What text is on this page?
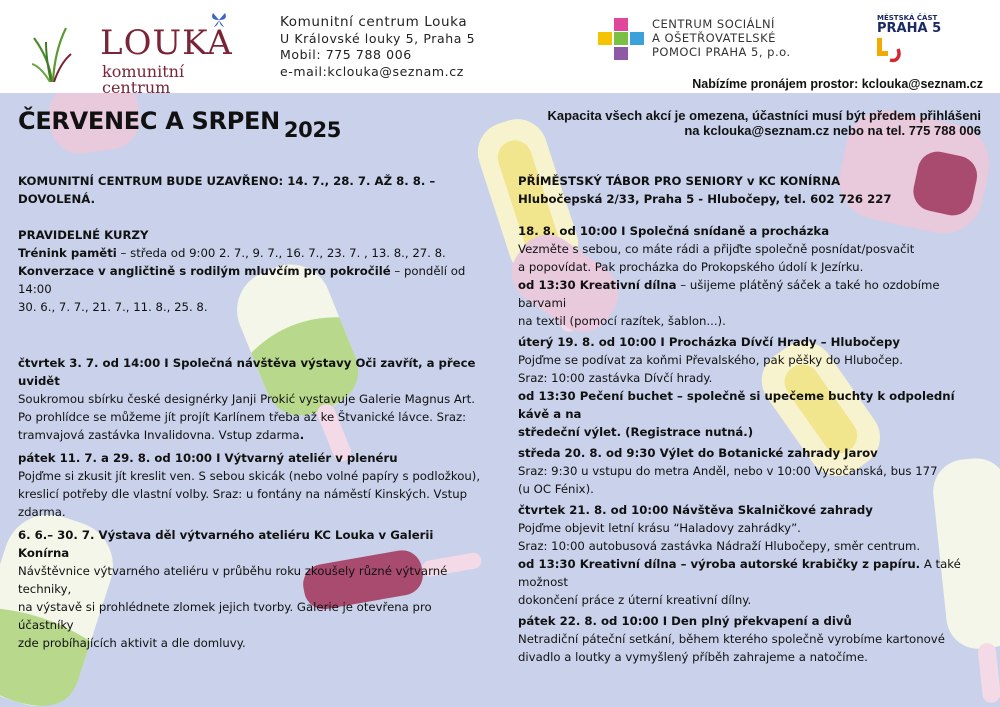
LOUKA
komunitní centrum
Komunitní centrum Louka
U Královské louky 5, Praha 5
Mobil: 775 788 006
e-mail:kclouka@seznam.cz
CENTRUM SOCIÁLNÍ
A OŠETŘOVATELSKÉ
POMOCI PRAHA 5, p.o.
MĚSTSKÁ ČÁST
PRAHA 5
Nabízíme pronájem prostor: kclouka@seznam.cz
ČERVENEC A SRPEN 2025
Kapacita všech akcí je omezena, účastníci musí být předem přihlášeni
na kclouka@seznam.cz nebo na tel. 775 788 006

KOMUNITNÍ CENTRUM BUDE UZAVŘENO: 14. 7., 28. 7. AŽ 8. 8. – DOVOLENÁ.

PRAVIDELNÉ KURZY

Trénink paměti – středa od 9:00 2. 7., 9. 7., 16. 7., 23. 7. , 13. 8., 27. 8.

Konverzace v angličtině s rodilým mluvčím pro pokročilé – pondělí od 14:00

30. 6., 7. 7., 21. 7., 11. 8., 25. 8.

čtvrtek 3. 7. od 14:00 I Společná návštěva výstavy Oči zavřít, a přece uvidět

Soukromou sbírku české designérky Janji Prokić vystavuje Galerie Magnus Art.

Po prohlídce se můžeme jít projít Karlínem třeba až ke Štvanické lávce. Sraz:

tramvajová zastávka Invalidovna. Vstup zdarma.

pátek 11. 7. a 29. 8. od 10:00 I Výtvarný ateliér v plenéru

Pojďme si zkusit jít kreslit ven. S sebou skicák (nebo volné papíry s podložkou),

kreslicí potřeby dle vlastní volby. Sraz: u fontány na náměstí Kinských. Vstup

zdarma.

6. 6.– 30. 7. Výstava děl výtvarného ateliéru KC Louka v Galerii Konírna

Návštěvnice výtvarného ateliéru v průběhu roku zkoušely různé výtvarné techniky,

na výstavě si prohlédnete zlomek jejich tvorby. Galerie je otevřena pro účastníky

zde probíhajících aktivit a dle domluvy.

PŘÍMĚSTSKÝ TÁBOR PRO SENIORY v KC KONÍRNA

Hlubočepská 2/33, Praha 5 - Hlubočepy, tel. 602 726 227

18. 8. od 10:00 I Společná snídaně a procházka

Vezměte s sebou, co máte rádi a přijďte společně posnídat/posvačit

a popovídat. Pak procházka do Prokopského údolí k Jezírku.

od 13:30 Kreativní dílna – ušijeme plátěný sáček a také ho ozdobíme barvami

na textil (pomocí razítek, šablon...).

úterý 19. 8. od 10:00 I Procházka Dívčí Hrady – Hlubočepy

Pojďme se podívat za koňmi Převalského, pak pěšky do Hlubočep.

Sraz: 10:00 zastávka Dívčí hrady.

od 13:30 Pečení buchet – společně si upečeme buchty k odpolední kávě a na

středeční výlet. (Registrace nutná.)

středa 20. 8. od 9:30 Výlet do Botanické zahrady Jarov

Sraz: 9:30 u vstupu do metra Anděl, nebo v 10:00 Vysočanská, bus 177

(u OC Fénix).

čtvrtek 21. 8. od 10:00 Návštěva Skalničkové zahrady

Pojďme objevit letní krásu “Haladovy zahrádky”.

Sraz: 10:00 autobusová zastávka Nádraží Hlubočepy, směr centrum.

od 13:30 Kreativní dílna – výroba autorské krabičky z papíru. A také možnost

dokončení práce z úterní kreativní dílny.

pátek 22. 8. od 10:00 I Den plný překvapení a divů

Netradiční páteční setkání, během kterého společně vyrobíme kartonové

divadlo a loutky a vymyšlený příběh zahrajeme a natočíme.
